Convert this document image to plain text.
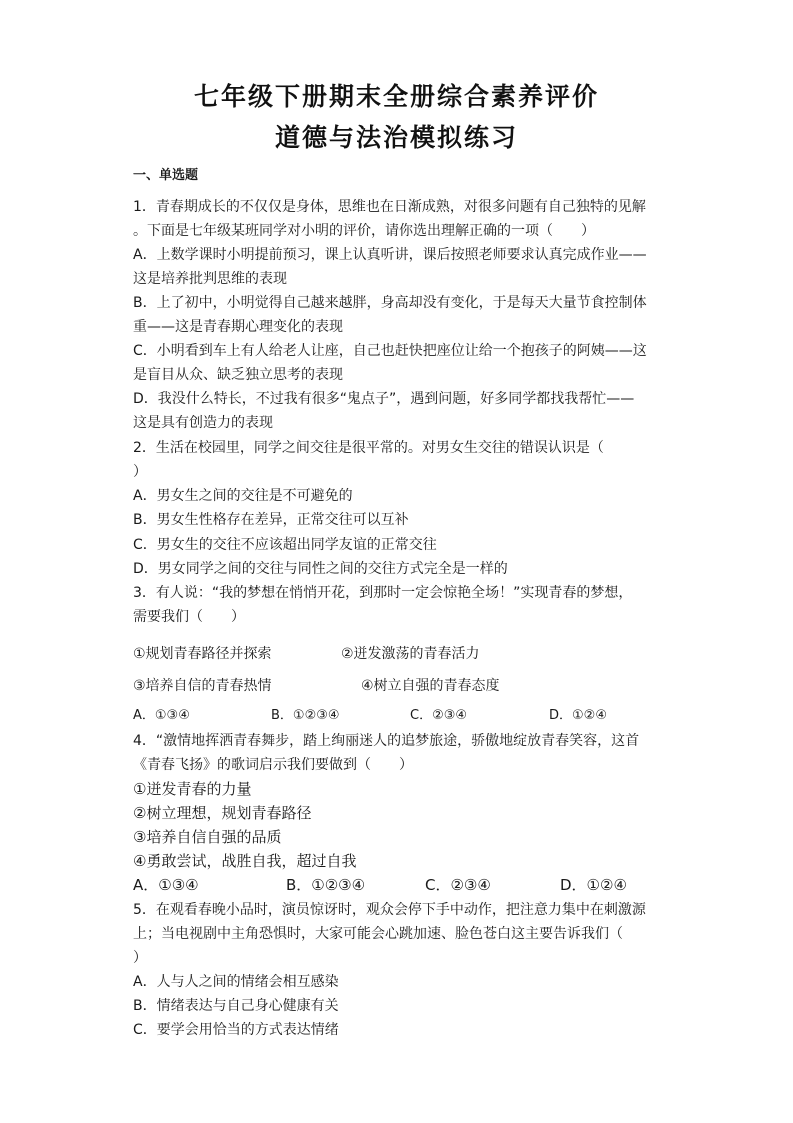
七年级下册期末全册综合素养评价
道德与法治模拟练习
一、单选题
1．青春期成长的不仅仅是身体，思维也在日渐成熟，对很多问题有自己独特的见解
。下面是七年级某班同学对小明的评价，请你选出理解正确的一项（　　）
A．上数学课时小明提前预习，课上认真听讲，课后按照老师要求认真完成作业——
这是培养批判思维的表现
B．上了初中，小明觉得自己越来越胖，身高却没有变化，于是每天大量节食控制体
重——这是青春期心理变化的表现
C．小明看到车上有人给老人让座，自己也赶快把座位让给一个抱孩子的阿姨——这
是盲目从众、缺乏独立思考的表现
D．我没什么特长，不过我有很多“鬼点子”，遇到问题，好多同学都找我帮忙——
这是具有创造力的表现
2．生活在校园里，同学之间交往是很平常的。对男女生交往的错误认识是（
）
A．男女生之间的交往是不可避免的
B．男女生性格存在差异，正常交往可以互补
C．男女生的交往不应该超出同学友谊的正常交往
D．男女同学之间的交往与同性之间的交往方式完全是一样的
3．有人说：“我的梦想在悄悄开花，到那时一定会惊艳全场！”实现青春的梦想，
需要我们（　　）
①规划青春路径并探索	②迸发激荡的青春活力
③培养自信的青春热情	④树立自强的青春态度
A．①③④	B．①②③④	C．②③④	D．①②④
4．“激情地挥洒青春舞步，踏上绚丽迷人的追梦旅途，骄傲地绽放青春笑容，这首
《青春飞扬》的歌词启示我们要做到（　　）
①迸发青春的力量
②树立理想，规划青春路径
③培养自信自强的品质
④勇敢尝试，战胜自我，超过自我
A．①③④	B．①②③④	C．②③④	D．①②④
5．在观看春晚小品时，演员惊讶时，观众会停下手中动作，把注意力集中在刺激源
上；当电视剧中主角恐惧时，大家可能会心跳加速、脸色苍白这主要告诉我们（
）
A．人与人之间的情绪会相互感染
B．情绪表达与自己身心健康有关
C．要学会用恰当的方式表达情绪
